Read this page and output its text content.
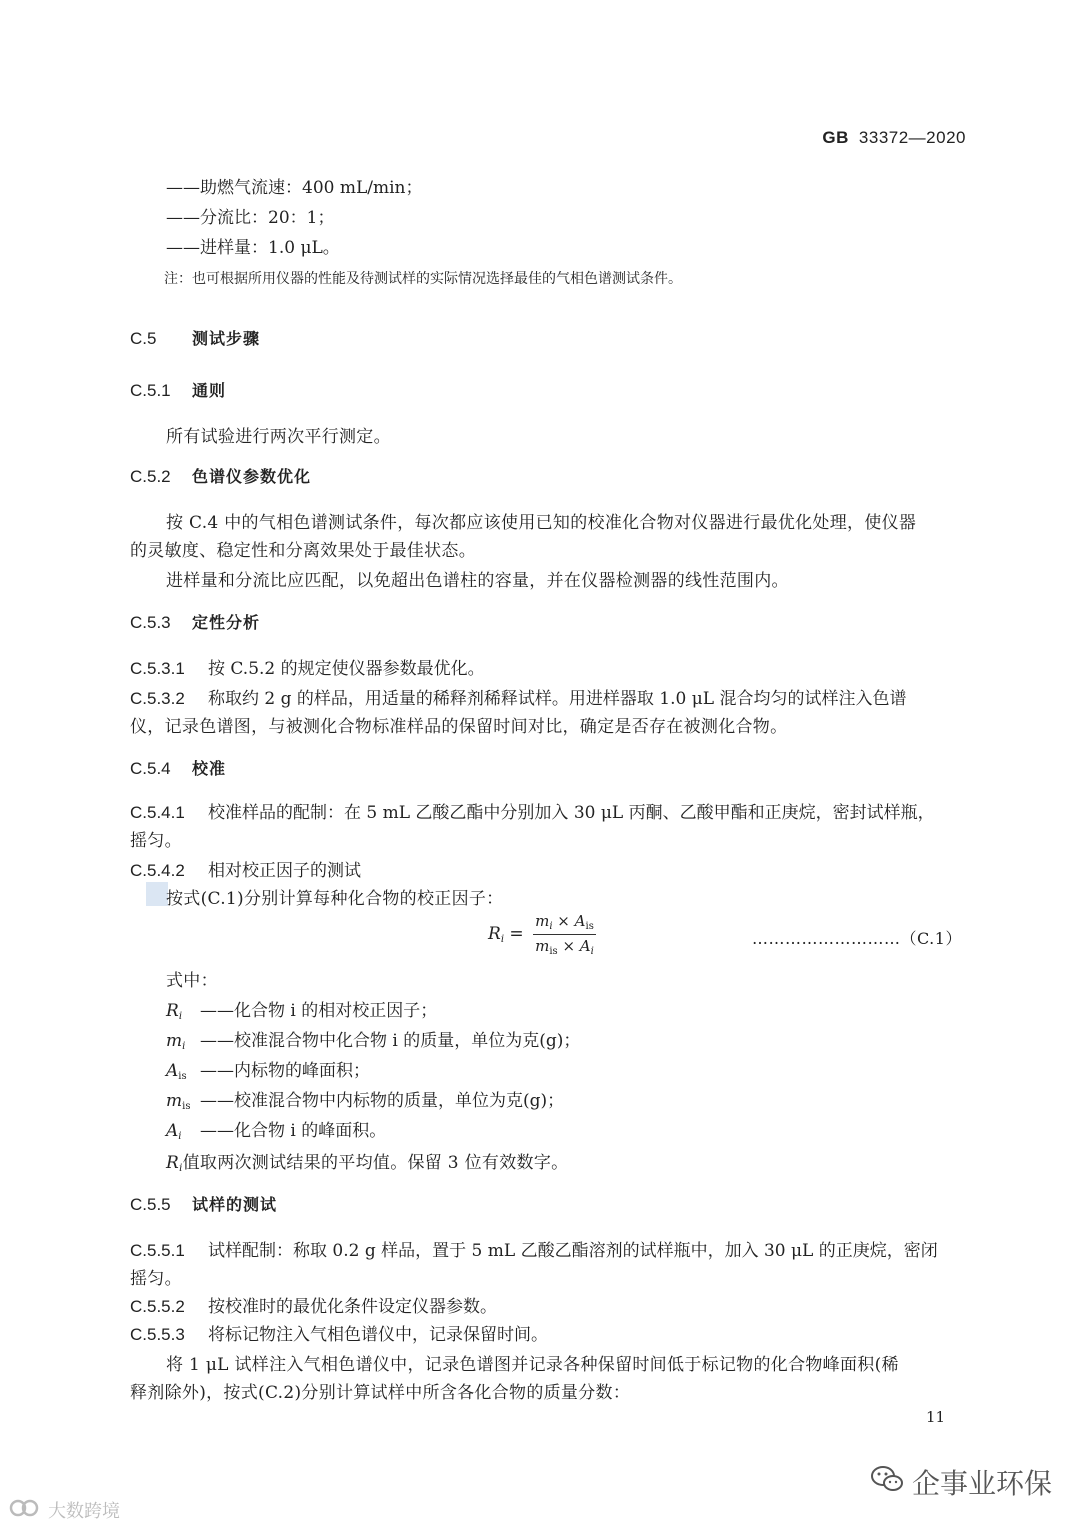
GB 33372—2020
——助燃气流速：400 mL/min；
——分流比：20：1；
——进样量：1.0 μL。
注：也可根据所用仪器的性能及待测试样的实际情况选择最佳的气相色谱测试条件。
C.5 测试步骤
C.5.1 通则
所有试验进行两次平行测定。
C.5.2 色谱仪参数优化
按 C.4 中的气相色谱测试条件，每次都应该使用已知的校准化合物对仪器进行最优化处理，使仪器
的灵敏度、稳定性和分离效果处于最佳状态。
进样量和分流比应匹配，以免超出色谱柱的容量，并在仪器检测器的线性范围内。
C.5.3 定性分析
C.5.3.1 按 C.5.2 的规定使仪器参数最优化。
C.5.3.2 称取约 2 g 的样品，用适量的稀释剂稀释试样。用进样器取 1.0 μL 混合均匀的试样注入色谱
仪，记录色谱图，与被测化合物标准样品的保留时间对比，确定是否存在被测化合物。
C.5.4 校准
C.5.4.1 校准样品的配制：在 5 mL 乙酸乙酯中分别加入 30 μL 丙酮、乙酸甲酯和正庚烷，密封试样瓶，
摇匀。
C.5.4.2 相对校正因子的测试
按式(C.1)分别计算每种化合物的校正因子：
$Ri = \frac{m_i \times A_{is}}{m_{is} \times A_i}$	………………………（C.1）
式中：
Ri ——化合物 i 的相对校正因子；
mi ——校准混合物中化合物 i 的质量，单位为克(g)；
$A_{is}$ ——内标物的峰面积；
$m_{is}$ ——校准混合物中内标物的质量，单位为克(g)；
Ai ——化合物 i 的峰面积。
Ri值取两次测试结果的平均值。保留 3 位有效数字。
C.5.5 试样的测试
C.5.5.1 试样配制：称取 0.2 g 样品，置于 5 mL 乙酸乙酯溶剂的试样瓶中，加入 30 μL 的正庚烷，密闭
摇匀。
C.5.5.2 按校准时的最优化条件设定仪器参数。
C.5.5.3 将标记物注入气相色谱仪中，记录保留时间。
将 1 μL 试样注入气相色谱仪中，记录色谱图并记录各种保留时间低于标记物的化合物峰面积(稀
释剂除外)，按式(C.2)分别计算试样中所含各化合物的质量分数：
11
企事业环保
大数跨境
